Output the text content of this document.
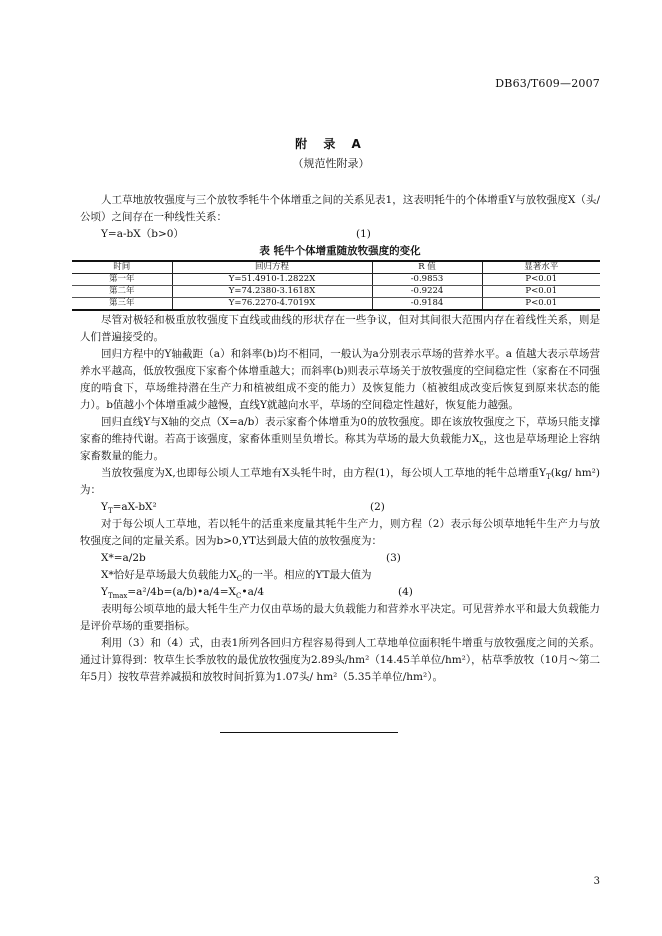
DB63/T609—2007
附 录 A
（规范性附录）

人工草地放牧强度与三个放牧季牦牛个体增重之间的关系见表1，这表明牦牛的个体增重Y与放牧强度X（头/公顷）之间存在一种线性关系：

Y=a-bX（b>0）	(1)
表 牦牛个体增重随放牧强度的变化
时间	回归方程	R 值	显著水平
第一年	Y=51.4910-1.2822X	-0.9853	P<0.01
第二年	Y=74.2380-3.1618X	-0.9224	P<0.01
第三年	Y=76.2270-4.7019X	-0.9184	P<0.01

尽管对极轻和极重放牧强度下直线或曲线的形状存在一些争议，但对其间很大范围内存在着线性关系，则是人们普遍接受的。

回归方程中的Y轴截距（a）和斜率(b)均不相同，一般认为a分别表示草场的营养水平。a 值越大表示草场营养水平越高，低放牧强度下家畜个体增重越大；而斜率(b)则表示草场关于放牧强度的空间稳定性（家畜在不同强度的啃食下，草场维持潜在生产力和植被组成不变的能力）及恢复能力（植被组成改变后恢复到原来状态的能力）。b值越小个体增重减少越慢，直线Y就越向水平，草场的空间稳定性越好，恢复能力越强。

回归直线Y与X轴的交点（X=a/b）表示家畜个体增重为0的放牧强度。即在该放牧强度之下，草场只能支撑家畜的维持代谢。若高于该强度，家畜体重则呈负增长。称其为草场的最大负载能力$X_c$，这也是草场理论上容纳家畜数量的能力。

当放牧强度为X,也即每公顷人工草地有X头牦牛时，由方程(1)，每公顷人工草地的牦牛总增重$Y_T(kg/$ hm²)为：

$Y_T=aX$-bX²	(2)

对于每公顷人工草地，若以牦牛的活重来度量其牦牛生产力，则方程（2）表示每公顷草地牦牛生产力与放牧强度之间的定量关系。因为b>0,YT达到最大值的放牧强度为：

X*=a/2b	(3)
X*恰好是草场最大负载能力$X_C$的一半。相应的YT最大值为
$Y_{Tmax}=a^2/4b=(a/b)•a/4=X_C•a/4$	(4)

表明每公顷草地的最大牦牛生产力仅由草场的最大负载能力和营养水平决定。可见营养水平和最大负载能力是评价草场的重要指标。

利用（3）和（4）式，由表1所列各回归方程容易得到人工草地单位面积牦牛增重与放牧强度之间的关系。通过计算得到：牧草生长季放牧的最优放牧强度为2.89头/hm²（14.45羊单位/hm²），枯草季放牧（10月～第二年5月）按牧草营养减损和放牧时间折算为1.07头/ hm²（5.35羊单位/hm²）。

3
